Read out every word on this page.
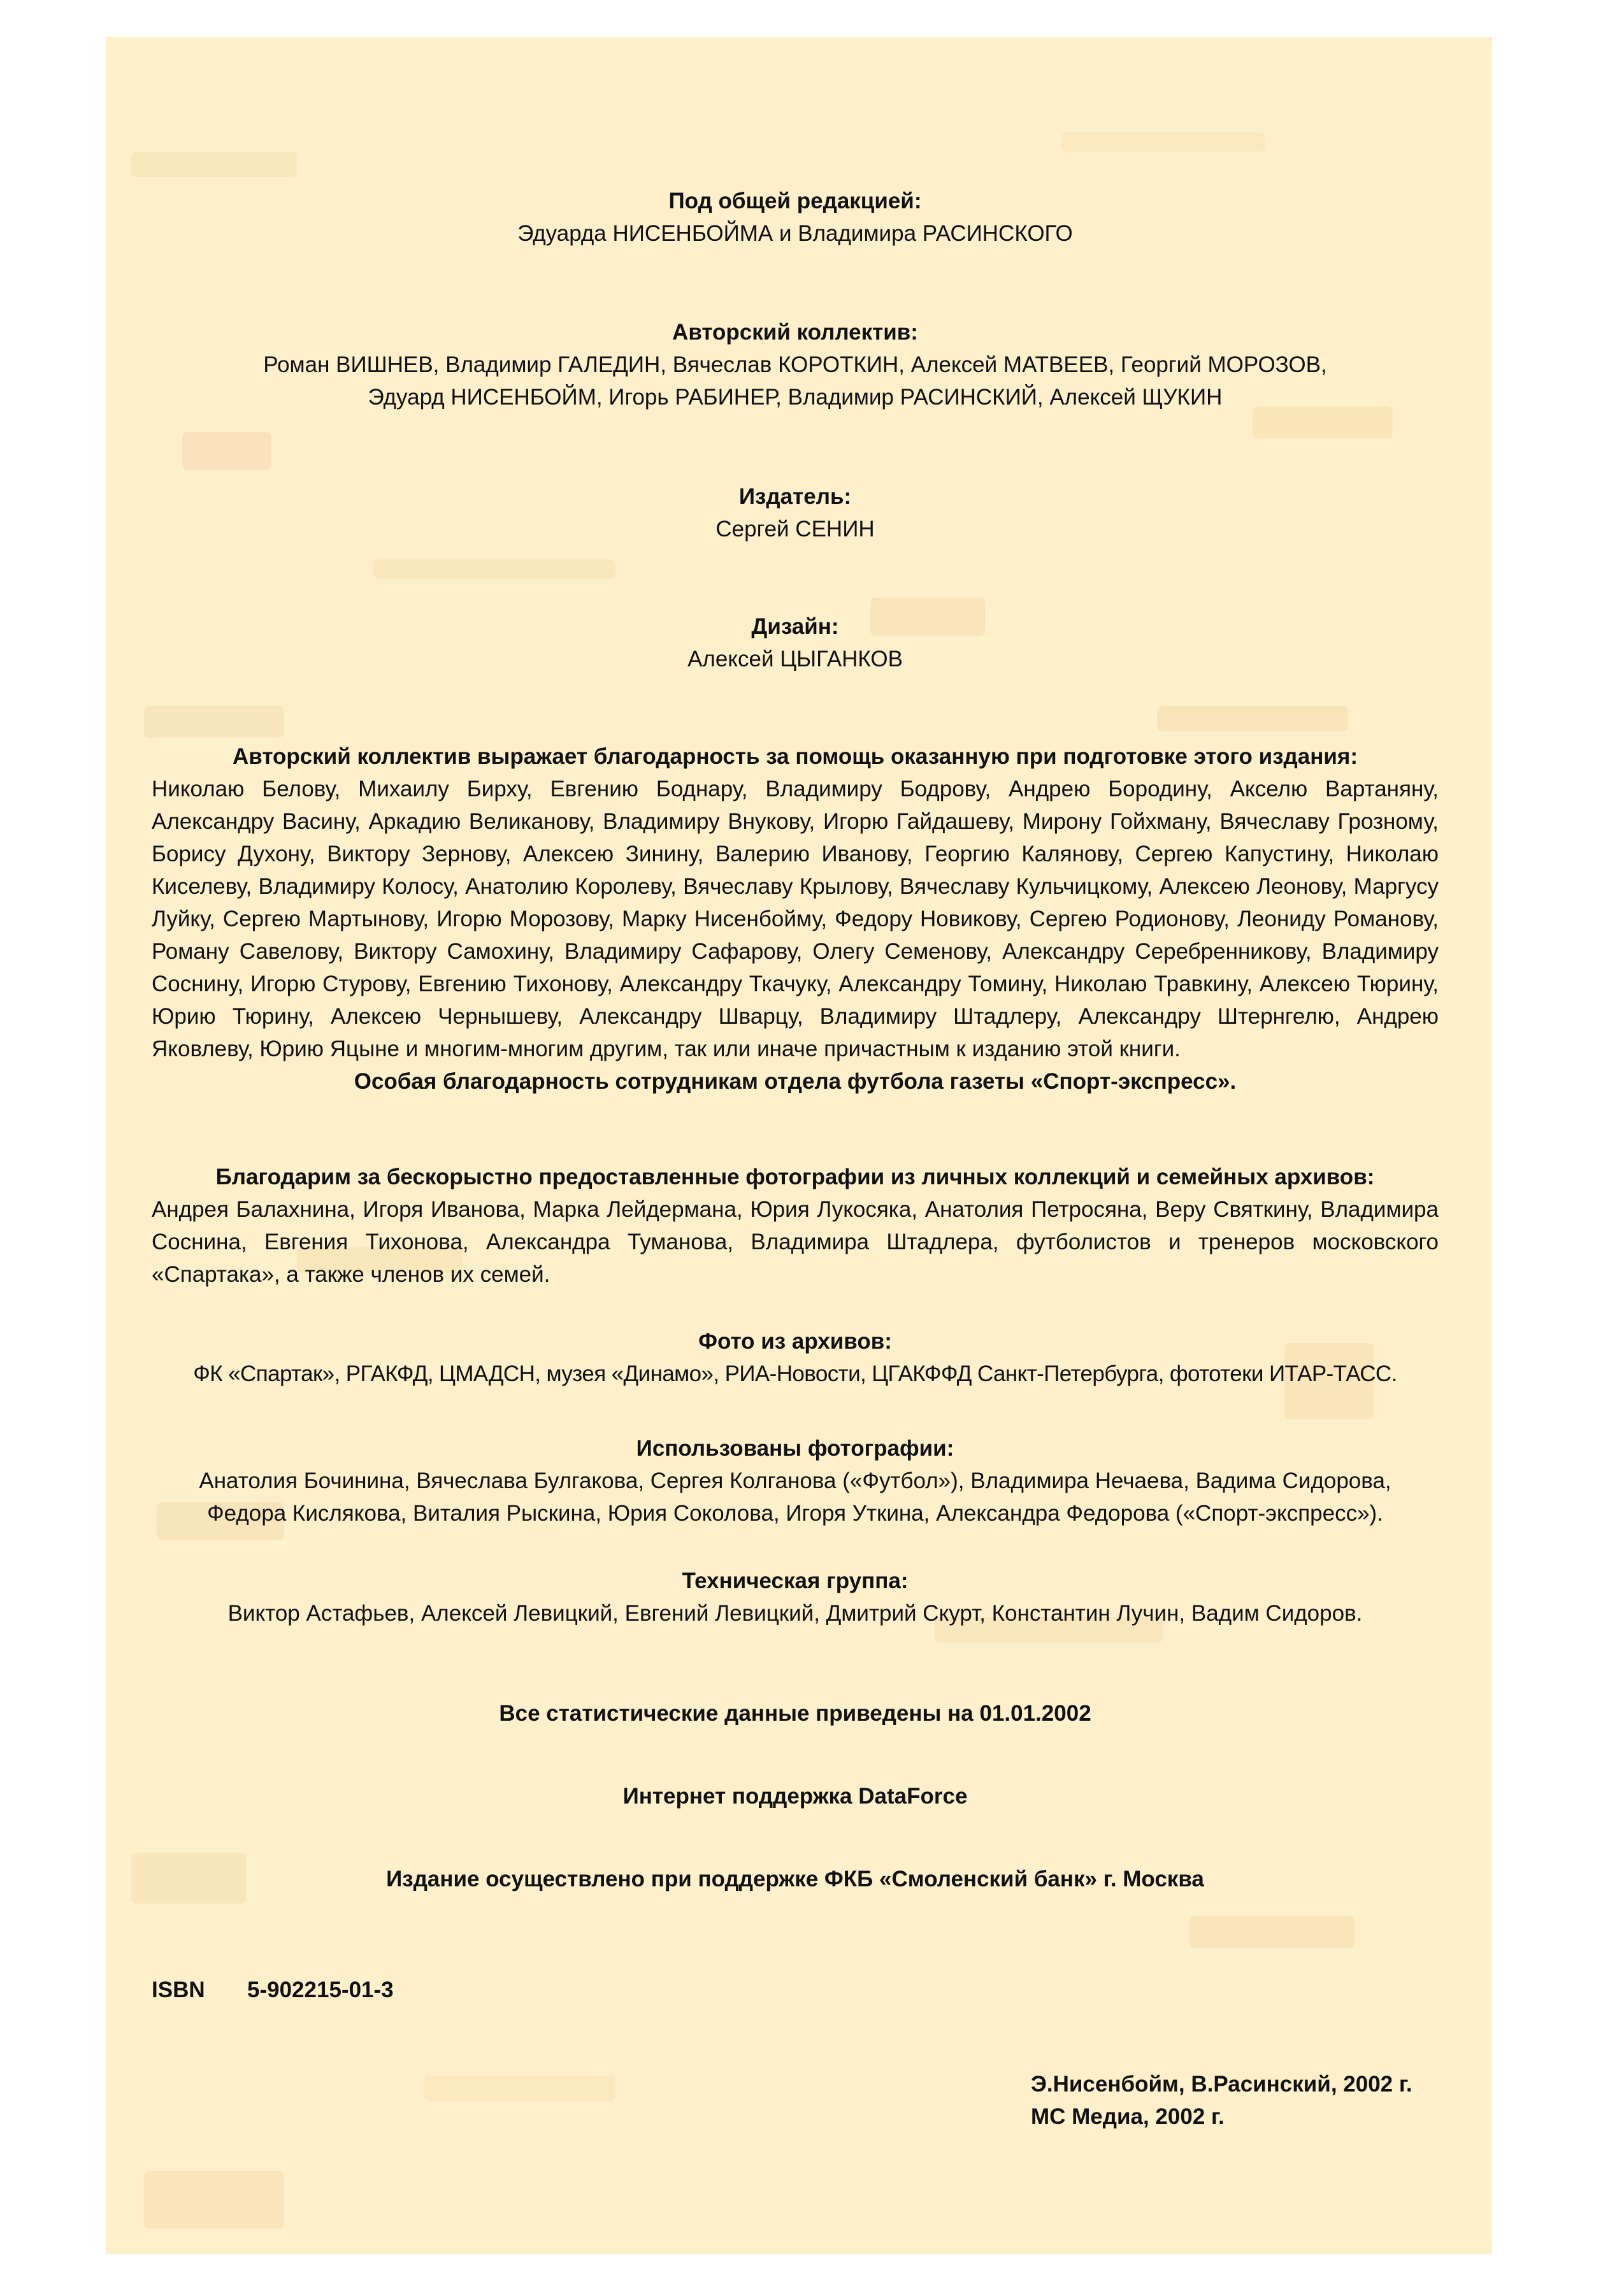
Под общей редакцией:
Эдуарда НИСЕНБОЙМА и Владимира РАСИНСКОГО
Авторский коллектив:
Роман ВИШНЕВ, Владимир ГАЛЕДИН, Вячеслав КОРОТКИН, Алексей МАТВЕЕВ, Георгий МОРОЗОВ,
Эдуард НИСЕНБОЙМ, Игорь РАБИНЕР, Владимир РАСИНСКИЙ, Алексей ЩУКИН
Издатель:
Сергей СЕНИН
Дизайн:
Алексей ЦЫГАНКОВ
Авторский коллектив выражает благодарность за помощь оказанную при подготовке этого издания:
Николаю Белову, Михаилу Бирху, Евгению Боднару, Владимиру Бодрову, Андрею Бородину, Акселю Вартаняну, Александру Васину, Аркадию Великанову, Владимиру Внукову, Игорю Гайдашеву, Мирону Гойхману, Вячеславу Грозному, Борису Духону, Виктору Зернову, Алексею Зинину, Валерию Иванову, Георгию Калянову, Сергею Капустину, Николаю Киселеву, Владимиру Колосу, Анатолию Королеву, Вячеславу Крылову, Вячеславу Кульчицкому, Алексею Леонову, Маргусу Луйку, Сергею Мартынову, Игорю Морозову, Марку Нисенбойму, Федору Новикову, Сергею Родионову, Леониду Романову, Роману Савелову, Виктору Самохину, Владимиру Сафарову, Олегу Семенову, Александру Серебренникову, Владимиру Соснину, Игорю Стурову, Евгению Тихонову, Александру Ткачуку, Александру Томину, Николаю Травкину, Алексею Тюрину, Юрию Тюрину, Алексею Чернышеву, Александру Шварцу, Владимиру Штадлеру, Александру Штернгелю, Андрею Яковлеву, Юрию Яцыне и многим-многим другим, так или иначе причастным к изданию этой книги.
Особая благодарность сотрудникам отдела футбола газеты «Спорт-экспресс».
Благодарим за бескорыстно предоставленные фотографии из личных коллекций и семейных архивов:
Андрея Балахнина, Игоря Иванова, Марка Лейдермана, Юрия Лукосяка, Анатолия Петросяна, Веру Святкину, Владимира Соснина, Евгения Тихонова, Александра Туманова, Владимира Штадлера, футболистов и тренеров московского «Спартака», а также членов их семей.
Фото из архивов:
ФК «Спартак», РГАКФД, ЦМАДСН, музея «Динамо», РИА-Новости, ЦГАКФФД Санкт-Петербурга, фототеки ИТАР-ТАСС.
Использованы фотографии:
Анатолия Бочинина, Вячеслава Булгакова, Сергея Колганова («Футбол»), Владимира Нечаева, Вадима Сидорова,
Федора Кислякова, Виталия Рыскина, Юрия Соколова, Игоря Уткина, Александра Федорова («Спорт-экспресс»).
Техническая группа:
Виктор Астафьев, Алексей Левицкий, Евгений Левицкий, Дмитрий Скурт, Константин Лучин, Вадим Сидоров.
Все статистические данные приведены на 01.01.2002
Интернет поддержка DataForce
Издание осуществлено при поддержке ФКБ «Смоленский банк» г. Москва
ISBN 5-902215-01-3
Э.Нисенбойм, В.Расинский, 2002 г.
МС Медиа, 2002 г.
